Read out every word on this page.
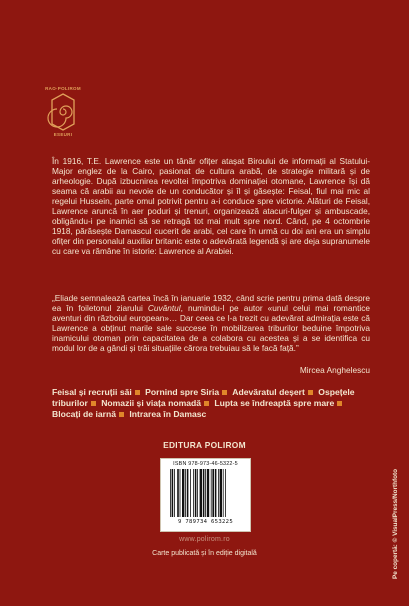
RAO·POLIROM
ESEURI

În 1916, T.E. Lawrence este un tânăr ofițer atașat Biroului de informații al Statului-Major englez de la Cairo, pasionat de cultura arabă, de strategie militară și de arheologie. După izbucnirea revoltei împotriva dominației otomane, Lawrence își dă seama că arabii au nevoie de un conducător și îl și găsește: Feisal, fiul mai mic al regelui Hussein, parte omul potrivit pentru a-i conduce spre victorie. Alături de Feisal, Lawrence aruncă în aer poduri și trenuri, organizează atacuri-fulger și ambuscade, obligându-i pe inamici să se retragă tot mai mult spre nord. Când, pe 4 octombrie 1918, părăsește Damascul cucerit de arabi, cel care în urmă cu doi ani era un simplu ofițer din personalul auxiliar britanic este o adevărată legendă și are deja supranumele cu care va rămâne în istorie: Lawrence al Arabiei.

„Eliade semnalează cartea încă în ianuarie 1932, când scrie pentru prima dată despre ea în foiletonul ziarului Cuvântul, numindu-l pe autor «unul celui mai romantice aventuri din războiul european»… Dar ceea ce l-a trezit cu adevărat admirația este că Lawrence a obținut marile sale succese în mobilizarea triburilor beduine împotriva inamicului otoman prin capacitatea de a colabora cu acestea și a se identifica cu modul lor de a gândi și trăi situațiile cărora trebuiau să le facă față.”

Mircea Anghelescu

Feisal și recruții săi Pornind spre Siria Adevăratul deșert Ospețele triburilor Nomazii și viața nomadă Lupta se îndreaptă spre mare Blocați de iarnă Intrarea în Damasc

EDITURA POLIROM

ISBN 978-973-46-5322-5
9 789734 653225

www.polirom.ro

Carte publicată și în ediție digitală	Pe copertă: © VisualPress/Northfoto
